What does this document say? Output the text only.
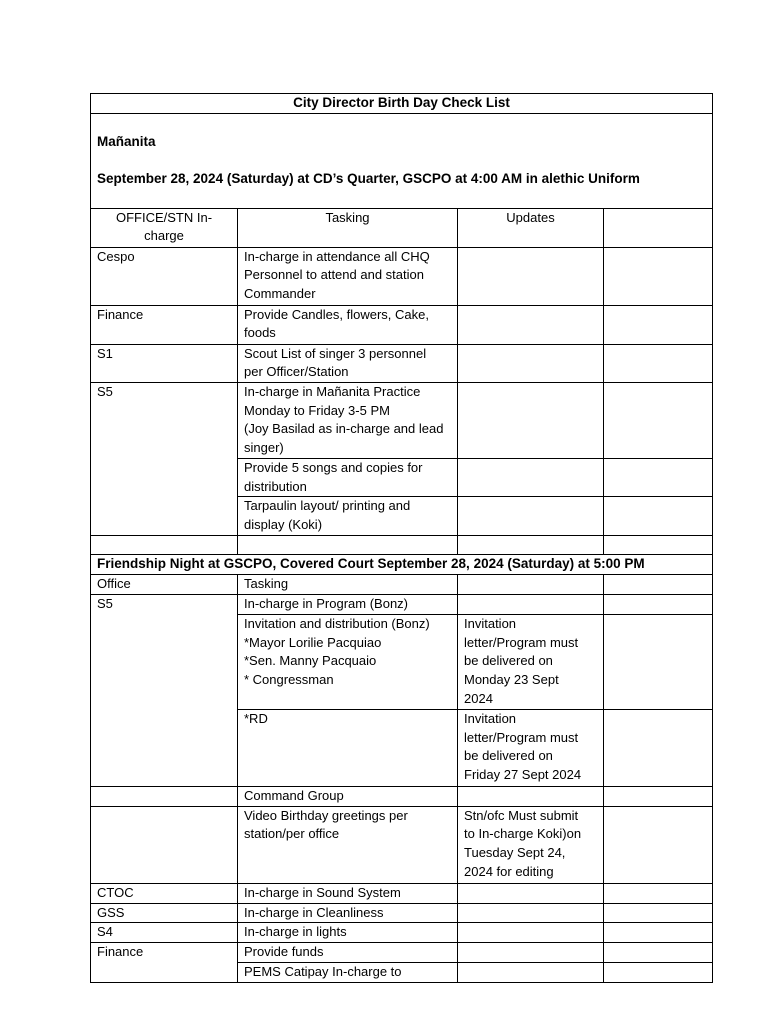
City Director Birth Day Check List			

Mañanita

September 28, 2024 (Saturday) at CD’s Quarter, GSCPO at 4:00 AM in alethic Uniform			

OFFICE/STN In-
charge	Tasking	Updates	
Cespo	In-charge in attendance all CHQ
Personnel to attend and station
Commander		
Finance	Provide Candles, flowers, Cake,
foods		
S1	Scout List of singer 3 personnel
per Officer/Station		
S5	In-charge in Mañanita Practice
Monday to Friday 3-5 PM
(Joy Basilad as in-charge and lead
singer)		
	Provide 5 songs and copies for
distribution		
	Tarpaulin layout/ printing and
display (Koki)		

Friendship Night at GSCPO, Covered Court September 28, 2024 (Saturday) at 5:00 PM			
Office	Tasking		
S5	In-charge in Program (Bonz)		
	Invitation and distribution (Bonz)
*Mayor Lorilie Pacquiao
*Sen. Manny Pacquaio
* Congressman	Invitation
letter/Program must
be delivered on
Monday 23 Sept
2024	
	*RD	Invitation
letter/Program must
be delivered on
Friday 27 Sept 2024	
	Command Group		
	Video Birthday greetings per
station/per office	Stn/ofc Must submit
to In-charge Koki)on
Tuesday Sept 24,
2024 for editing	
CTOC	In-charge in Sound System		
GSS	In-charge in Cleanliness		
S4	In-charge in lights		
Finance	Provide funds		
	PEMS Catipay In-charge to		
